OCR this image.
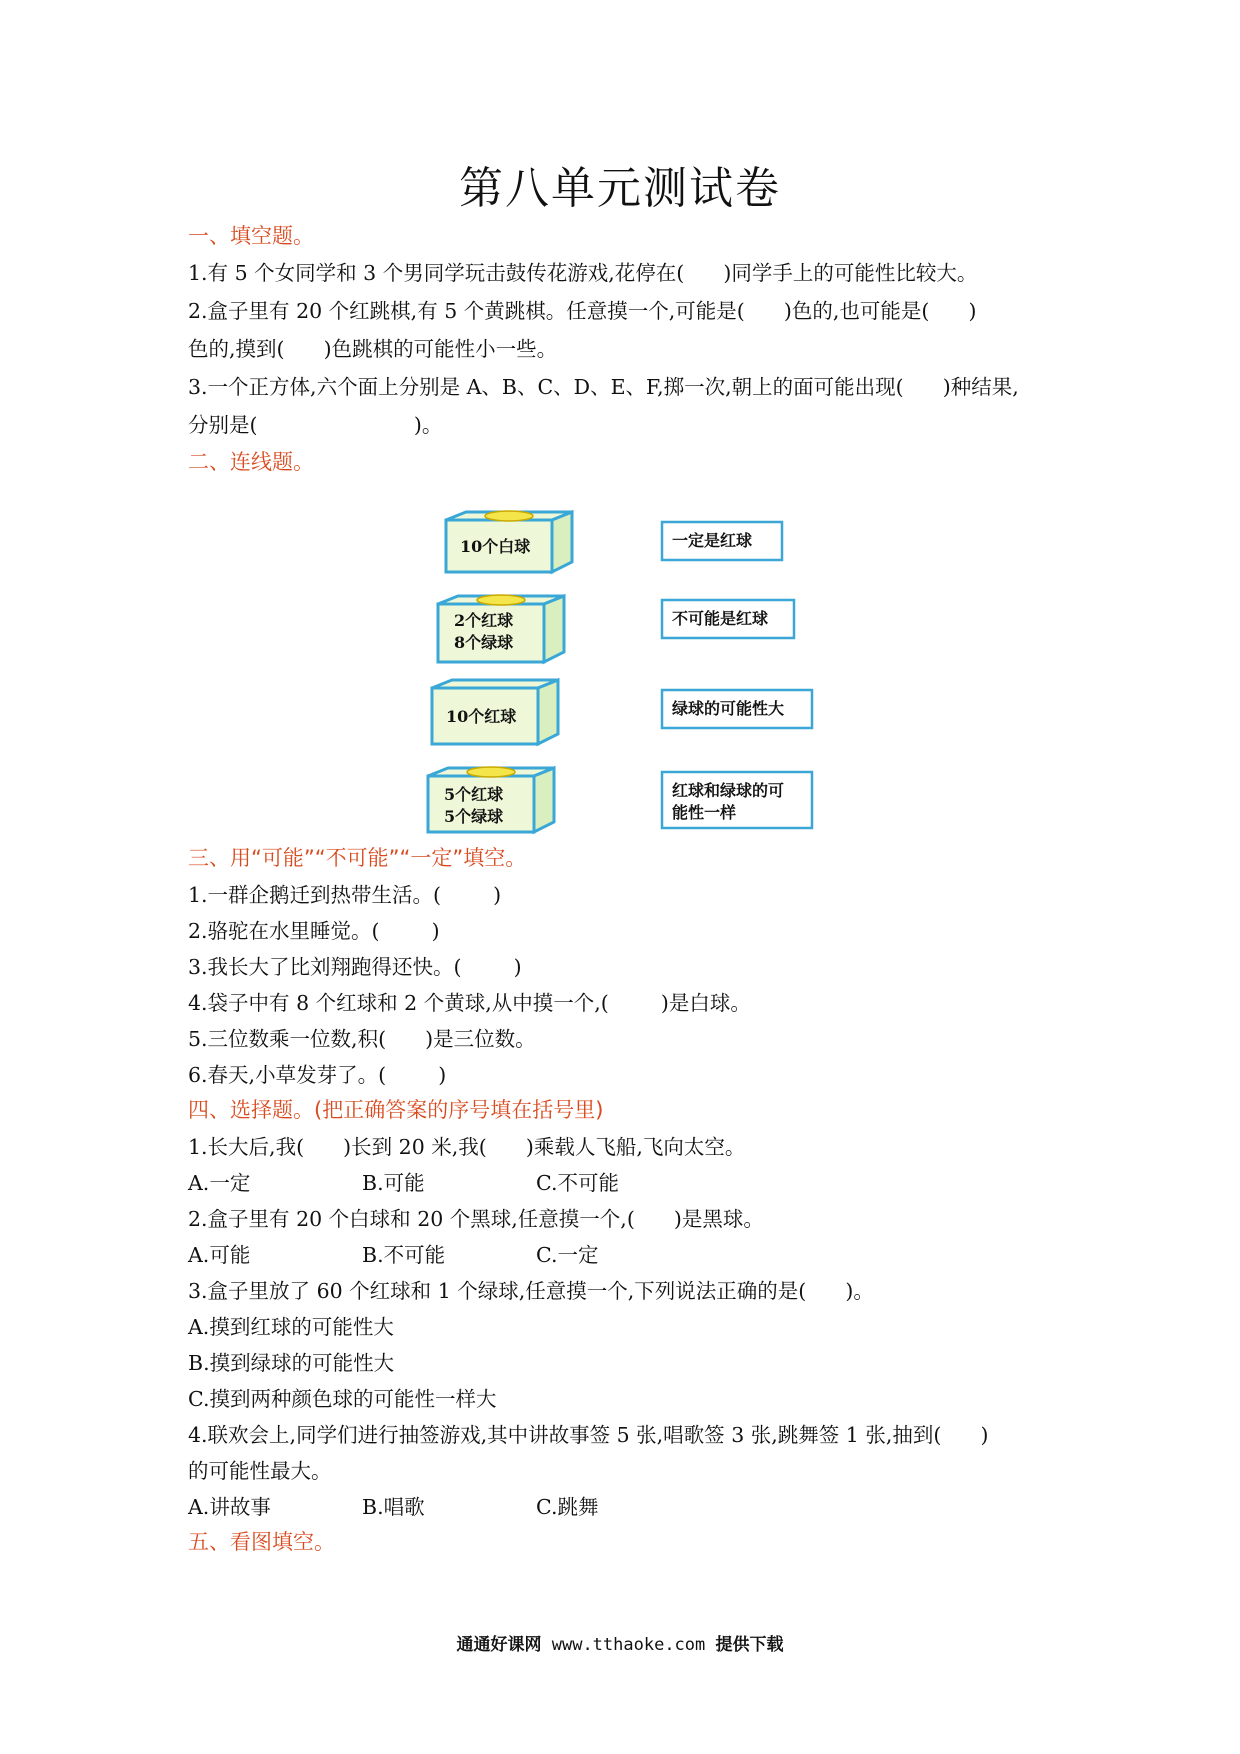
第八单元测试卷
一、填空题。
1.有 5 个女同学和 3 个男同学玩击鼓传花游戏,花停在(      )同学手上的可能性比较大。
2.盒子里有 20 个红跳棋,有 5 个黄跳棋。任意摸一个,可能是(      )色的,也可能是(      )
色的,摸到(      )色跳棋的可能性小一些。
3.一个正方体,六个面上分别是 A、B、C、D、E、F,掷一次,朝上的面可能出现(      )种结果,
分别是(                        )。
二、连线题。
10个白球
2个红球
8个绿球
10个红球
5个红球
5个绿球
一定是红球
不可能是红球
绿球的可能性大
红球和绿球的可
能性一样
三、用“可能”“不可能”“一定”填空。
1.一群企鹅迁到热带生活。(        )
2.骆驼在水里睡觉。(        )
3.我长大了比刘翔跑得还快。(        )
4.袋子中有 8 个红球和 2 个黄球,从中摸一个,(        )是白球。
5.三位数乘一位数,积(      )是三位数。
6.春天,小草发芽了。(        )
四、选择题。(把正确答案的序号填在括号里)
1.长大后,我(      )长到 20 米,我(      )乘载人飞船,飞向太空。
A.一定	B.可能	C.不可能
2.盒子里有 20 个白球和 20 个黑球,任意摸一个,(      )是黑球。
A.可能	B.不可能	C.一定
3.盒子里放了 60 个红球和 1 个绿球,任意摸一个,下列说法正确的是(      )。
A.摸到红球的可能性大
B.摸到绿球的可能性大
C.摸到两种颜色球的可能性一样大
4.联欢会上,同学们进行抽签游戏,其中讲故事签 5 张,唱歌签 3 张,跳舞签 1 张,抽到(      )
的可能性最大。
A.讲故事	B.唱歌	C.跳舞
五、看图填空。
通通好课网 www.tthaoke.com 提供下载
